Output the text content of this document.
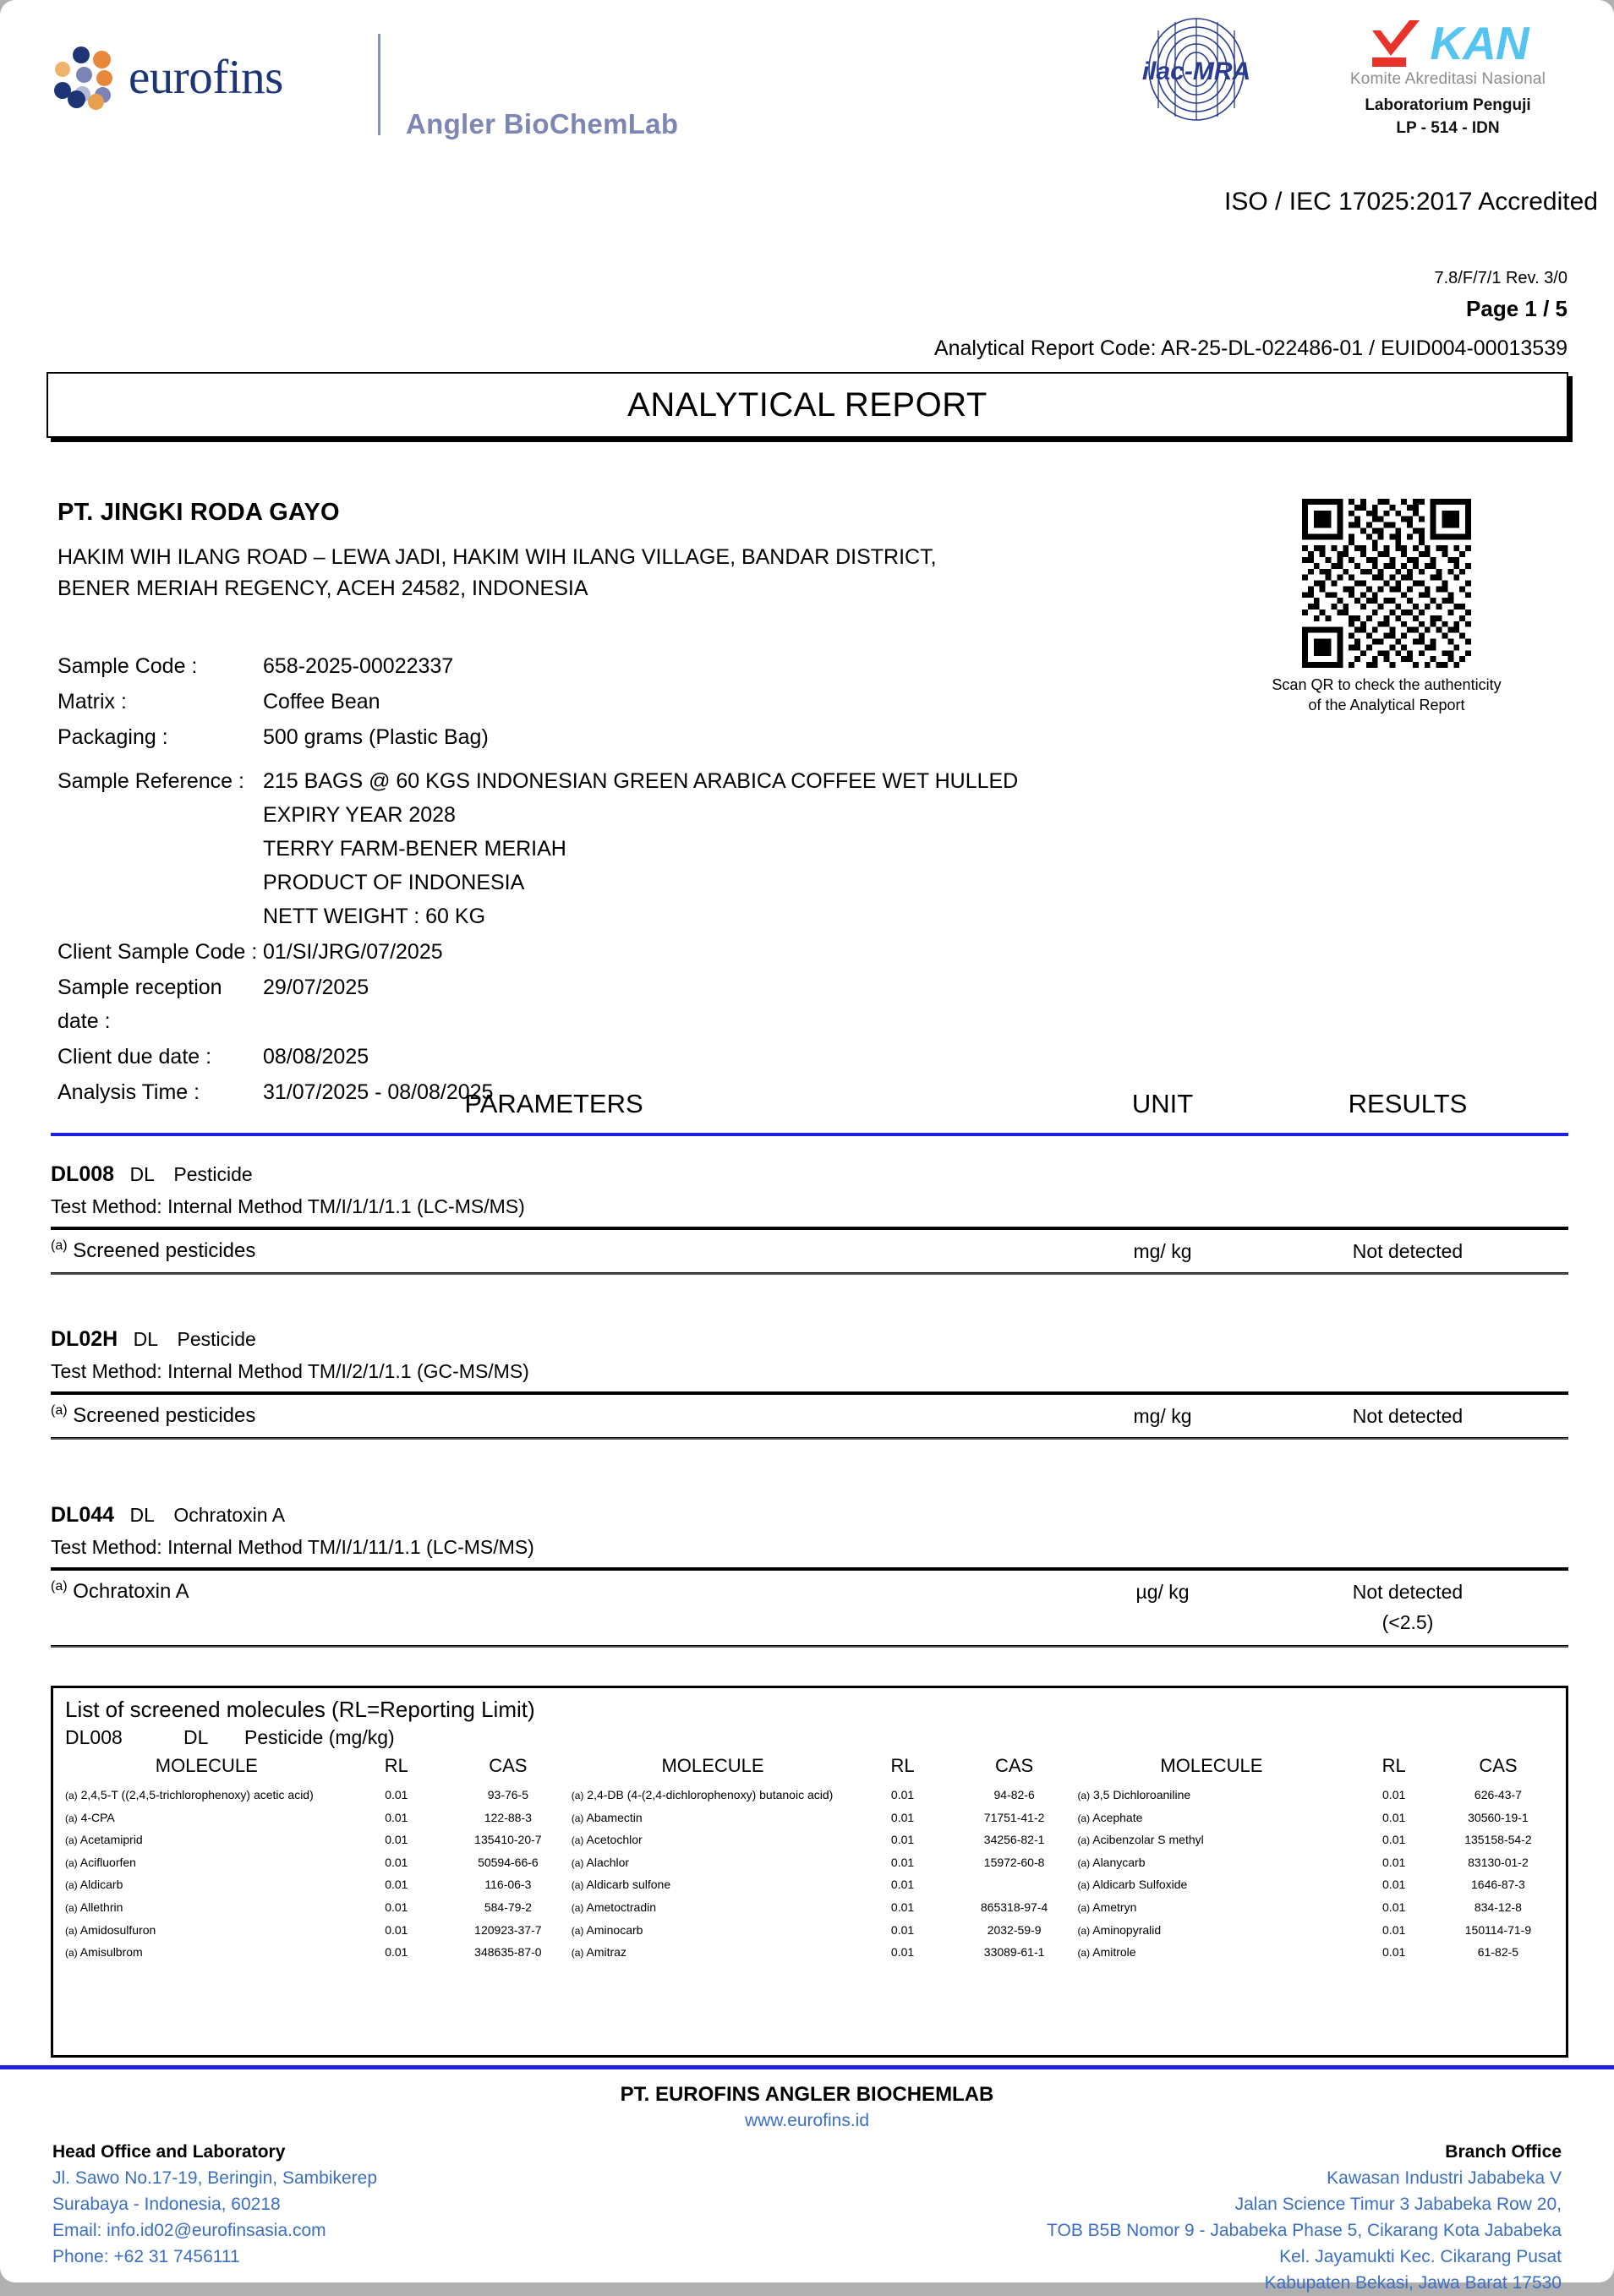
eurofins
Angler BioChemLab
ilac-MRA
KAN
Komite Akreditasi Nasional
Laboratorium Penguji
LP - 514 - IDN
ISO / IEC 17025:2017 Accredited
7.8/F/7/1 Rev. 3/0
Page 1 / 5
Analytical Report Code: AR-25-DL-022486-01 / EUID004-00013539
ANALYTICAL REPORT
PT. JINGKI RODA GAYO
HAKIM WIH ILANG ROAD – LEWA JADI, HAKIM WIH ILANG VILLAGE, BANDAR DISTRICT,
BENER MERIAH REGENCY, ACEH 24582, INDONESIA
Scan QR to check the authenticity
of the Analytical Report
Sample Code :	658-2025-00022337
Matrix :	Coffee Bean
Packaging :	500 grams (Plastic Bag)
Sample Reference : 215 BAGS @ 60 KGS INDONESIAN GREEN ARABICA COFFEE WET HULLED
EXPIRY YEAR 2028
TERRY FARM-BENER MERIAH
PRODUCT OF INDONESIA
NETT WEIGHT : 60 KG
Client Sample Code : 01/SI/JRG/07/2025
Sample reception date :
29/07/2025
Client due date :	08/08/2025
Analysis Time :	31/07/2025 - 08/08/2025
PARAMETERS	UNIT	RESULTS
DL008 DL Pesticide
Test Method: Internal Method TM/I/1/1/1.1 (LC-MS/MS)
$^{(a)}$ Screened pesticides	mg/ kg	Not detected
DL02H DL Pesticide
Test Method: Internal Method TM/I/2/1/1.1 (GC-MS/MS)
$^{(a)}$ Screened pesticides	mg/ kg	Not detected
DL044 DL Ochratoxin A
Test Method: Internal Method TM/I/1/11/1.1 (LC-MS/MS)
$^{(a)}$ Ochratoxin A	µg/ kg	Not detected
(<2.5)
List of screened molecules (RL=Reporting Limit)
DL008	DL Pesticide (mg/kg)
MOLECULE	RL	CAS	MOLECULE	RL	CAS	MOLECULE	RL	CAS
(a) 2,4,5-T ((2,4,5-trichlorophenoxy) acetic acid)	0.01	93-76-5	(a) 2,4-DB (4-(2,4-dichlorophenoxy) butanoic acid)	0.01	94-82-6	(a) 3,5 Dichloroaniline	0.01	626-43-7
(a) 4-CPA	0.01	122-88-3	(a) Abamectin	0.01	71751-41-2	(a) Acephate	0.01	30560-19-1
(a) Acetamiprid	0.01	135410-20-7	(a) Acetochlor	0.01	34256-82-1	(a) Acibenzolar S methyl	0.01	135158-54-2
(a) Acifluorfen	0.01	50594-66-6	(a) Alachlor	0.01	15972-60-8	(a) Alanycarb	0.01	83130-01-2
(a) Aldicarb	0.01	116-06-3	(a) Aldicarb sulfone	0.01		(a) Aldicarb Sulfoxide	0.01	1646-87-3
(a) Allethrin	0.01	584-79-2	(a) Ametoctradin	0.01	865318-97-4	(a) Ametryn	0.01	834-12-8
(a) Amidosulfuron	0.01	120923-37-7	(a) Aminocarb	0.01	2032-59-9	(a) Aminopyralid	0.01	150114-71-9
(a) Amisulbrom	0.01	348635-87-0	(a) Amitraz	0.01	33089-61-1	(a) Amitrole	0.01	61-82-5
PT. EUROFINS ANGLER BIOCHEMLAB
www.eurofins.id
Head Office and Laboratory
Jl. Sawo No.17-19, Beringin, Sambikerep
Surabaya - Indonesia, 60218
Email: info.id02@eurofinsasia.com
Phone: +62 31 7456111
Branch Office
Kawasan Industri Jababeka V
Jalan Science Timur 3 Jababeka Row 20,
TOB B5B Nomor 9 - Jababeka Phase 5, Cikarang Kota Jababeka
Kel. Jayamukti Kec. Cikarang Pusat
Kabupaten Bekasi, Jawa Barat 17530
